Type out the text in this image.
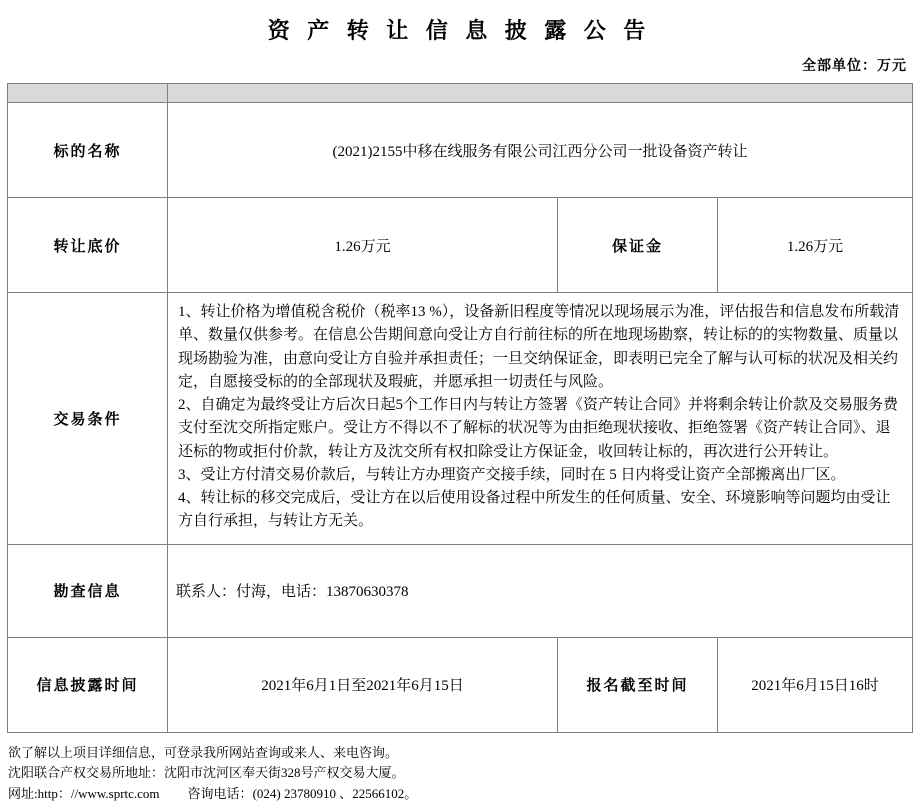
资 产 转 让 信 息 披 露 公 告
全部单位：万元

标的名称	(2021)2155中移在线服务有限公司江西分公司一批设备资产转让		
转让底价	1.26万元	保证金	1.26万元
交易条件	1、转让价格为增值税含税价（税率13 %），设备新旧程度等情况以现场展示为准，评估报告和信息发布所载清单、数量仅供参考。在信息公告期间意向受让方自行前往标的所在地现场勘察，转让标的的实物数量、质量以现场勘验为准，由意向受让方自验并承担责任；一旦交纳保证金，即表明已完全了解与认可标的状况及相关约定，自愿接受标的的全部现状及瑕疵，并愿承担一切责任与风险。

2、自确定为最终受让方后次日起5个工作日内与转让方签署《资产转让合同》并将剩余转让价款及交易服务费支付至沈交所指定账户。受让方不得以不了解标的状况等为由拒绝现状接收、拒绝签署《资产转让合同》、退还标的物或拒付价款，转让方及沈交所有权扣除受让方保证金，收回转让标的，再次进行公开转让。

3、受让方付清交易价款后，与转让方办理资产交接手续，同时在 5 日内将受让资产全部搬离出厂区。

4、转让标的移交完成后，受让方在以后使用设备过程中所发生的任何质量、安全、环境影响等问题均由受让方自行承担，与转让方无关。		

勘查信息	联系人：付海，电话：13870630378		
信息披露时间	2021年6月1日至2021年6月15日	报名截至时间	2021年6月15日16时
欲了解以上项目详细信息，可登录我所网站查询或来人、来电咨询。
沈阳联合产权交易所地址：沈阳市沈河区奉天街328号产权交易大厦。
网址:http：//www.sprtc.com 咨询电话：(024) 23780910 、22566102。
